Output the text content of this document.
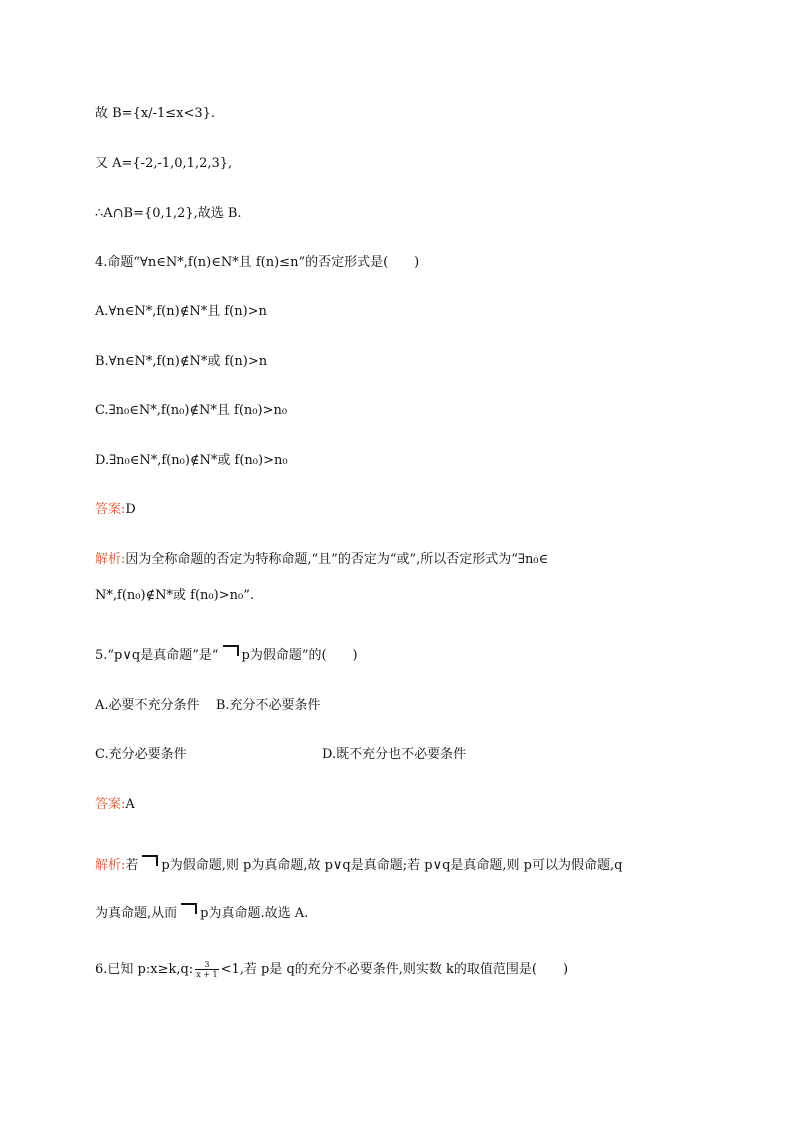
故 B={x/-1≤x<3}.
又 A={-2,-1,0,1,2,3},
∴A∩B={0,1,2},故选 B.
4.命题“∀n∈N*,f(n)∈N*且 f(n)≤n”的否定形式是(　　)
A.∀n∈N*,f(n)∉N*且 f(n)>n
B.∀n∈N*,f(n)∉N*或 f(n)>n
C.∃n₀∈N*,f(n₀)∉N*且 f(n₀)>n₀
D.∃n₀∈N*,f(n₀)∉N*或 f(n₀)>n₀
答案:D
解析:因为全称命题的否定为特称命题,“且”的否定为“或”,所以否定形式为“∃n₀∈
N*,f(n₀)∉N*或 f(n₀)>n₀”.
5.“p∨q是真命题”是“ p为假命题”的(　　)
A.必要不充分条件 B.充分不必要条件
C.充分必要条件	D.既不充分也不必要条件
答案:A
解析:若 p为假命题,则 p为真命题,故 p∨q是真命题;若 p∨q是真命题,则 p可以为假命题,q
为真命题,从而 p为真命题.故选 A.
6.已知 p:x≥k,q: $\frac{3}{x + 1} <1$,若 p是 q的充分不必要条件,则实数 k的取值范围是(　　)
